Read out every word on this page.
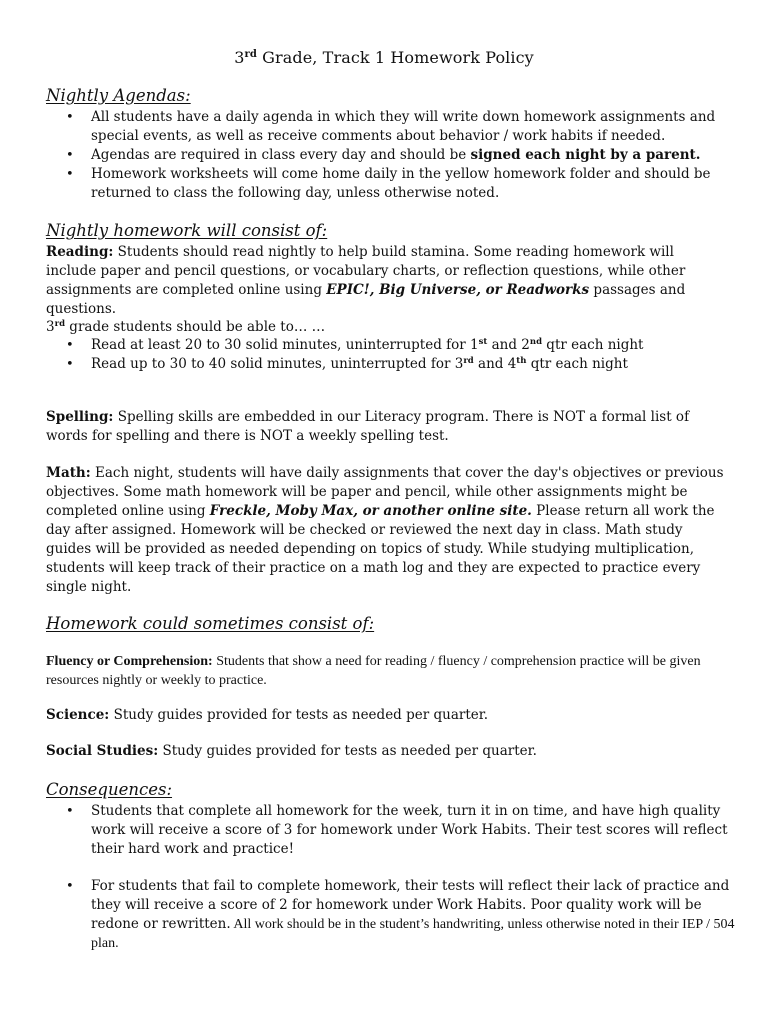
3rd Grade, Track 1 Homework Policy
Nightly Agendas:
• All students have a daily agenda in which they will write down homework assignments and special events, as well as receive comments about behavior / work habits if needed.
• Agendas are required in class every day and should be signed each night by a parent.
• Homework worksheets will come home daily in the yellow homework folder and should be returned to class the following day, unless otherwise noted.
Nightly homework will consist of:

Reading: Students should read nightly to help build stamina. Some reading homework will include paper and pencil questions, or vocabulary charts, or reflection questions, while other assignments are completed online using EPIC!, Big Universe, or Readworks passages and questions.

3rd grade students should be able to… …

• Read at least 20 to 30 solid minutes, uninterrupted for 1st and 2nd qtr each night
• Read up to 30 to 40 solid minutes, uninterrupted for 3rd and 4th qtr each night

Spelling: Spelling skills are embedded in our Literacy program. There is NOT a formal list of words for spelling and there is NOT a weekly spelling test.

Math: Each night, students will have daily assignments that cover the day's objectives or previous objectives. Some math homework will be paper and pencil, while other assignments might be completed online using Freckle, Moby Max, or another online site. Please return all work the day after assigned. Homework will be checked or reviewed the next day in class. Math study guides will be provided as needed depending on topics of study. While studying multiplication, students will keep track of their practice on a math log and they are expected to practice every single night.

Homework could sometimes consist of:

Fluency or Comprehension: Students that show a need for reading / fluency / comprehension practice will be given resources nightly or weekly to practice.

Science: Study guides provided for tests as needed per quarter.

Social Studies: Study guides provided for tests as needed per quarter.

Consequences:
• Students that complete all homework for the week, turn it in on time, and have high quality work will receive a score of 3 for homework under Work Habits. Their test scores will reflect their hard work and practice!
• For students that fail to complete homework, their tests will reflect their lack of practice and they will receive a score of 2 for homework under Work Habits. Poor quality work will be redone or rewritten. All work should be in the student’s handwriting, unless otherwise noted in their IEP / 504 plan.
